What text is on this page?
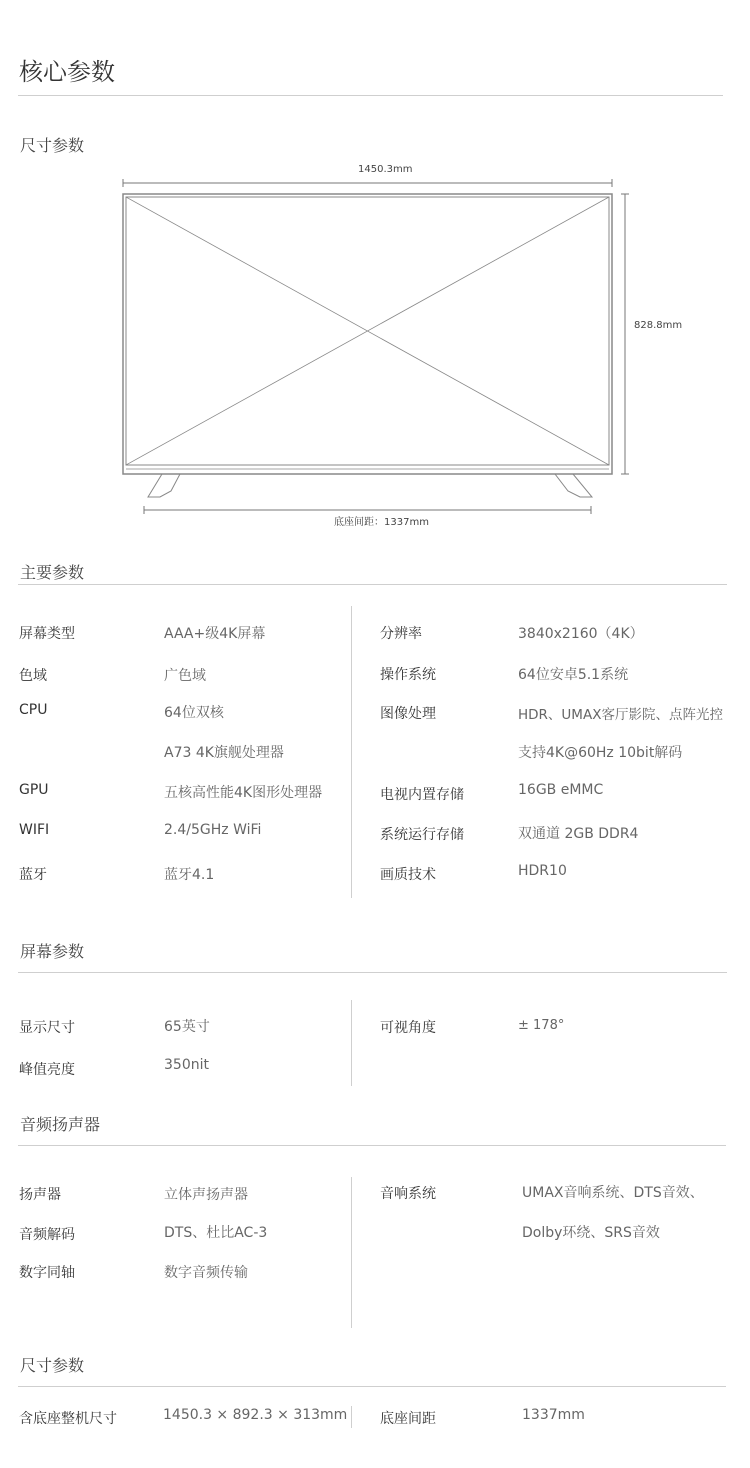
核心参数
尺寸参数
1450.3mm
828.8mm
底座间距：1337mm
主要参数
屏幕类型	AAA+级4K屏幕
色域	广色域
CPU	64位双核
A73 4K旗舰处理器
GPU	五核高性能4K图形处理器
WIFI	2.4/5GHz WiFi
蓝牙	蓝牙4.1
分辨率	3840x2160（4K）
操作系统	64位安卓5.1系统
图像处理	HDR、UMAX客厅影院、点阵光控
支持4K@60Hz 10bit解码
电视内置存储	16GB eMMC
系统运行存储	双通道 2GB DDR4
画质技术	HDR10
屏幕参数
显示尺寸	65英寸
峰值亮度	350nit
可视角度	± 178°
音频扬声器
扬声器	立体声扬声器
音频解码	DTS、杜比AC-3
数字同轴	数字音频传输
音响系统	UMAX音响系统、DTS音效、
Dolby环绕、SRS音效
尺寸参数
含底座整机尺寸	1450.3 × 892.3 × 313mm 底座间距	1337mm
